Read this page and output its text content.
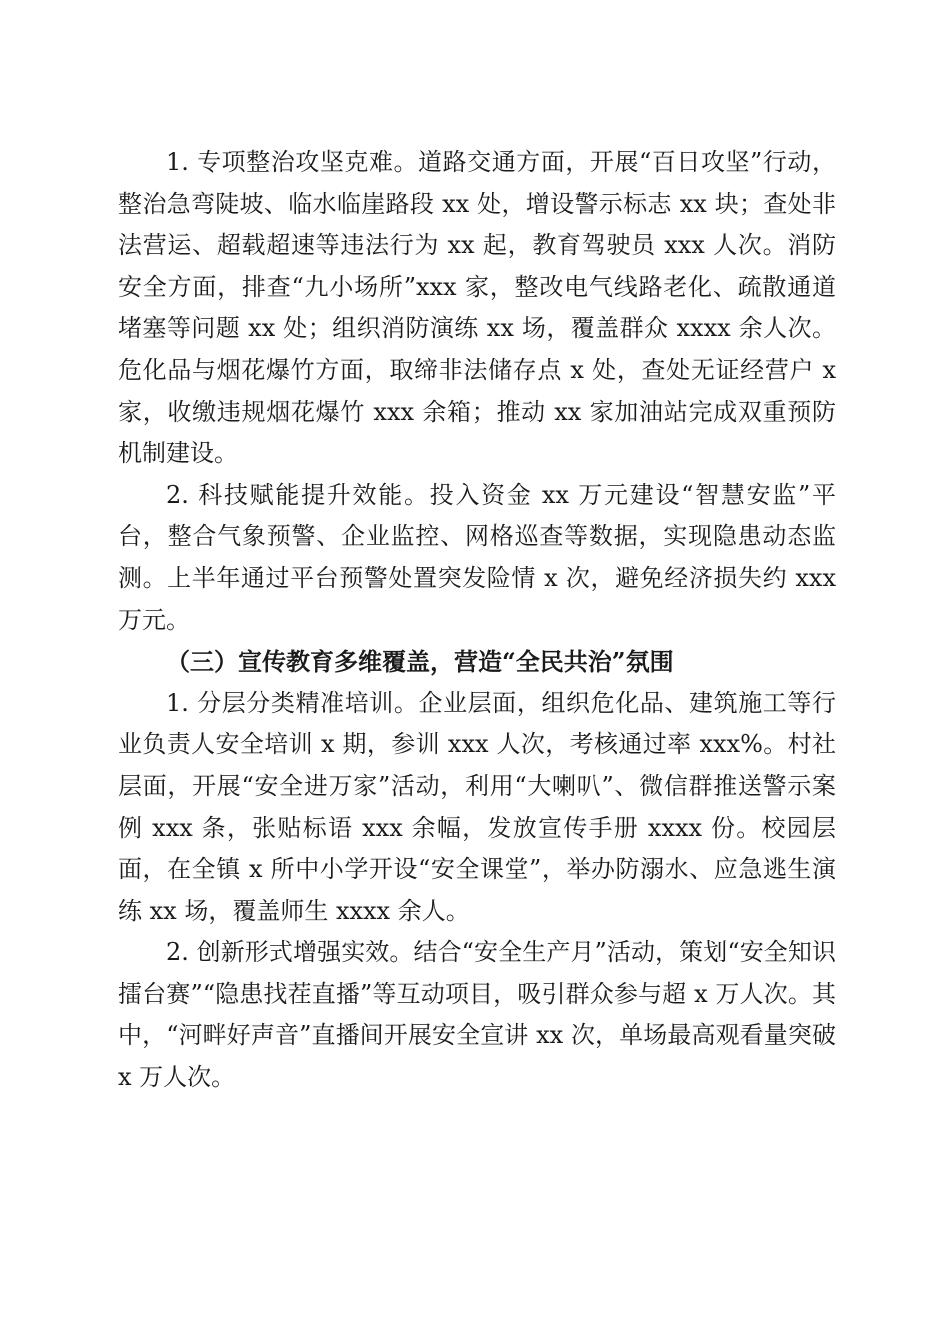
1. 专项整治攻坚克难。道路交通方面，开展“百日攻坚”行动，整治急弯陡坡、临水临崖路段 xx 处，增设警示标志 xx 块；查处非法营运、超载超速等违法行为 xx 起，教育驾驶员 xxx 人次。消防安全方面，排查“九小场所”xxx 家，整改电气线路老化、疏散通道堵塞等问题 xx 处；组织消防演练 xx 场，覆盖群众 xxxx 余人次。危化品与烟花爆竹方面，取缔非法储存点 x 处，查处无证经营户 x 家，收缴违规烟花爆竹 xxx 余箱；推动 xx 家加油站完成双重预防机制建设。

2. 科技赋能提升效能。投入资金 xx 万元建设“智慧安监”平台，整合气象预警、企业监控、网格巡查等数据，实现隐患动态监测。上半年通过平台预警处置突发险情 x 次，避免经济损失约 xxx 万元。

（三）宣传教育多维覆盖，营造“全民共治”氛围

1. 分层分类精准培训。企业层面，组织危化品、建筑施工等行业负责人安全培训 x 期，参训 xxx 人次，考核通过率 xxx%。村社层面，开展“安全进万家”活动，利用“大喇叭”、微信群推送警示案例 xxx 条，张贴标语 xxx 余幅，发放宣传手册 xxxx 份。校园层面，在全镇 x 所中小学开设“安全课堂”，举办防溺水、应急逃生演练 xx 场，覆盖师生 xxxx 余人。

2. 创新形式增强实效。结合“安全生产月”活动，策划“安全知识擂台赛”“隐患找茬直播”等互动项目，吸引群众参与超 x 万人次。其中，“河畔好声音”直播间开展安全宣讲 xx 次，单场最高观看量突破 x 万人次。
